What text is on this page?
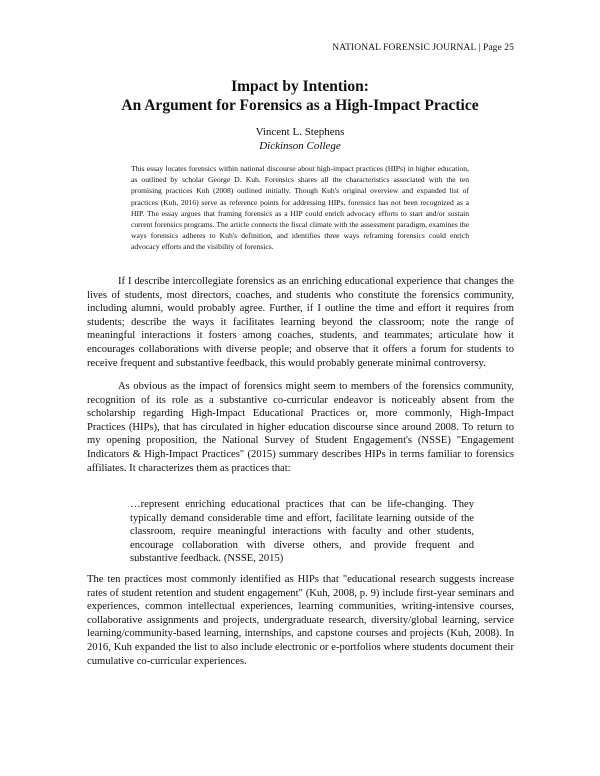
NATIONAL FORENSIC JOURNAL | Page 25
Impact by Intention:
An Argument for Forensics as a High-Impact Practice
Vincent L. Stephens
Dickinson College
This essay locates forensics within national discourse about high-impact practices (HIPs) in higher education, as outlined by scholar George D. Kuh. Forensics shares all the characteristics associated with the ten promising practices Kuh (2008) outlined initially. Though Kuh's original overview and expanded list of practices (Kuh, 2016) serve as reference points for addressing HIPs, forensics has not been recognized as a HIP. The essay argues that framing forensics as a HIP could enrich advocacy efforts to start and/or sustain current forensics programs. The article connects the fiscal climate with the assessment paradigm, examines the ways forensics adheres to Kuh's definition, and identifies three ways reframing forensics could enrich advocacy efforts and the visibility of forensics.

If I describe intercollegiate forensics as an enriching educational experience that changes the lives of students, most directors, coaches, and students who constitute the forensics community, including alumni, would probably agree. Further, if I outline the time and effort it requires from students; describe the ways it facilitates learning beyond the classroom; note the range of meaningful interactions it fosters among coaches, students, and teammates; articulate how it encourages collaborations with diverse people; and observe that it offers a forum for students to receive frequent and substantive feedback, this would probably generate minimal controversy.

As obvious as the impact of forensics might seem to members of the forensics community, recognition of its role as a substantive co-curricular endeavor is noticeably absent from the scholarship regarding High-Impact Educational Practices or, more commonly, High-Impact Practices (HIPs), that has circulated in higher education discourse since around 2008. To return to my opening proposition, the National Survey of Student Engagement's (NSSE) "Engagement Indicators & High-Impact Practices" (2015) summary describes HIPs in terms familiar to forensics affiliates. It characterizes them as practices that:

…represent enriching educational practices that can be life-changing. They typically demand considerable time and effort, facilitate learning outside of the classroom, require meaningful interactions with faculty and other students, encourage collaboration with diverse others, and provide frequent and substantive feedback. (NSSE, 2015)

The ten practices most commonly identified as HIPs that "educational research suggests increase rates of student retention and student engagement" (Kuh, 2008, p. 9) include first-year seminars and experiences, common intellectual experiences, learning communities, writing-intensive courses, collaborative assignments and projects, undergraduate research, diversity/global learning, service learning/community-based learning, internships, and capstone courses and projects (Kuh, 2008). In 2016, Kuh expanded the list to also include electronic or e-portfolios where students document their cumulative co-curricular experiences.
